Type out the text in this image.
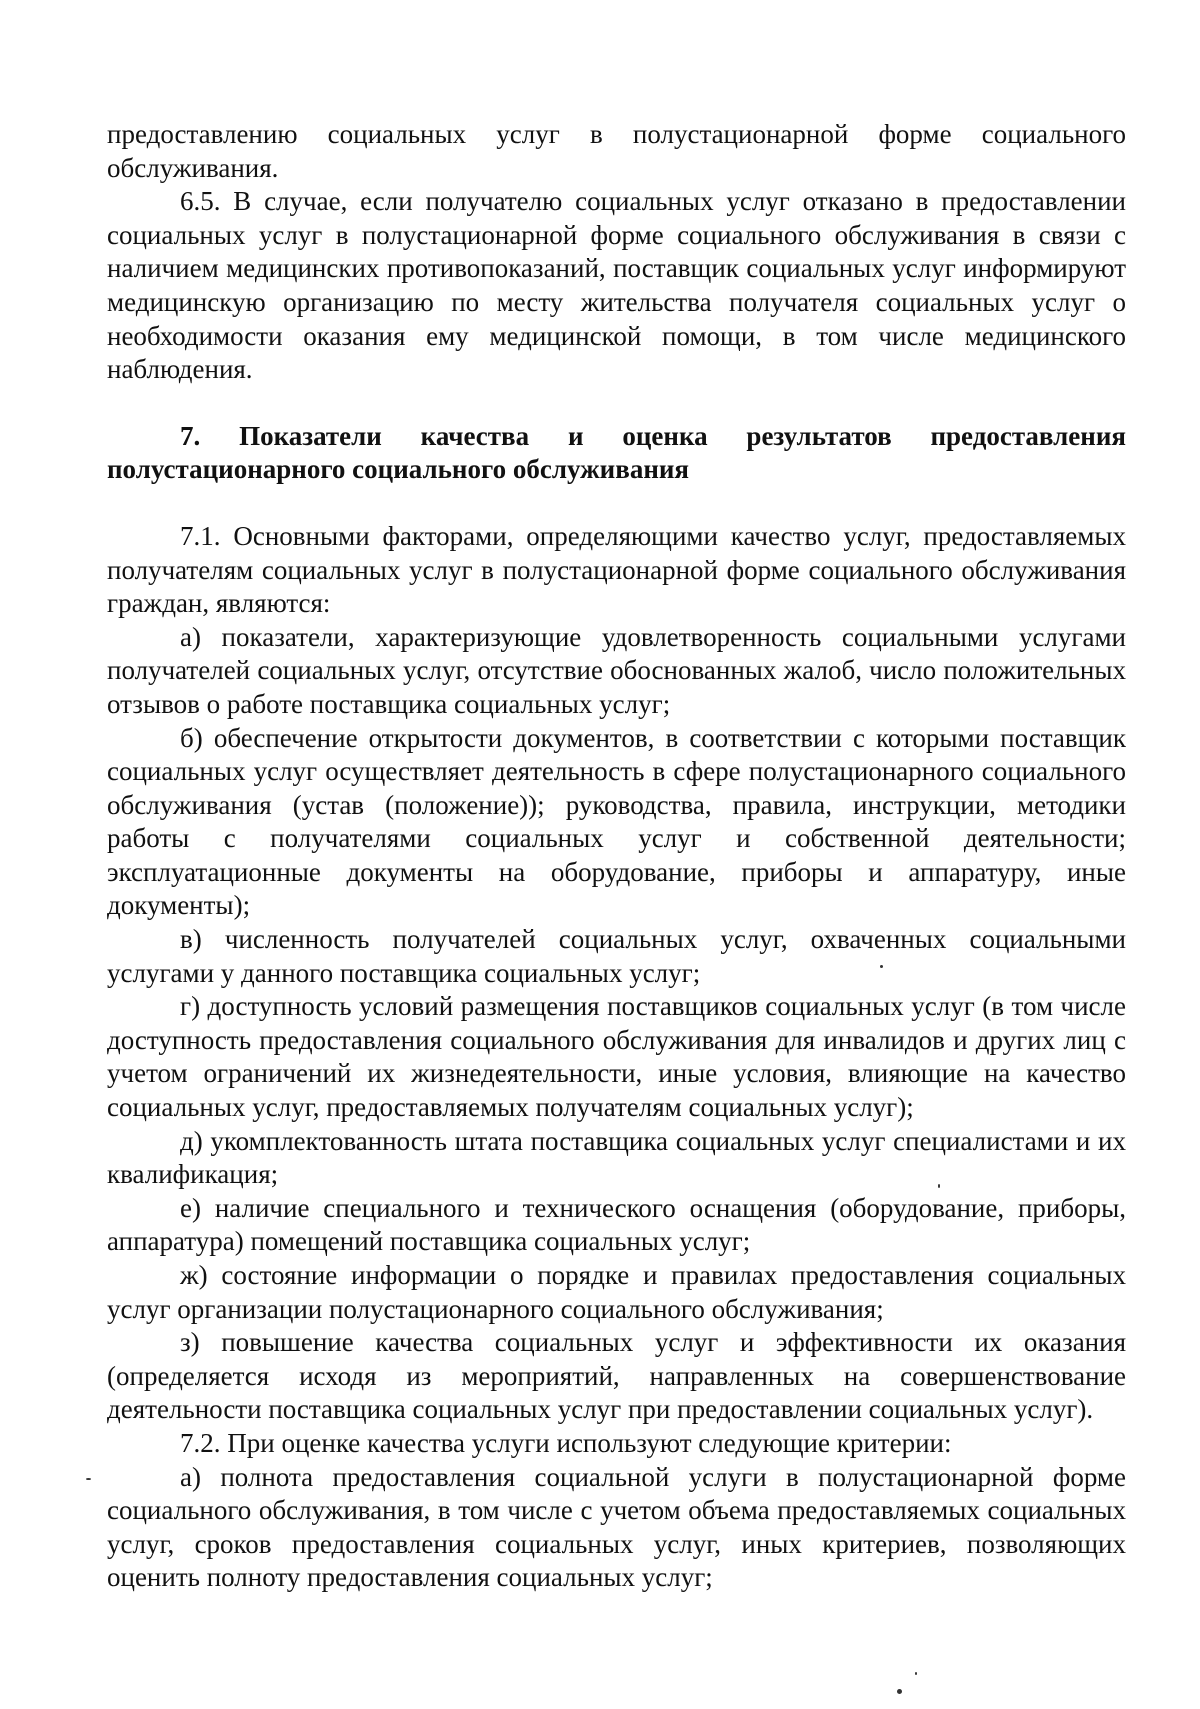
предоставлению социальных услуг в полустационарной форме социального обслуживания.

6.5. В случае, если получателю социальных услуг отказано в предоставлении социальных услуг в полустационарной форме социального обслуживания в связи с наличием медицинских противопоказаний, поставщик социальных услуг информируют медицинскую организацию по месту жительства получателя социальных услуг о необходимости оказания ему медицинской помощи, в том числе медицинского наблюдения.

7. Показатели качества и оценка результатов предоставления полустационарного социального обслуживания

7.1. Основными факторами, определяющими качество услуг, предоставляемых получателям социальных услуг в полустационарной форме социального обслуживания граждан, являются:

а) показатели, характеризующие удовлетворенность социальными услугами получателей социальных услуг, отсутствие обоснованных жалоб, число положительных отзывов о работе поставщика социальных услуг;

б) обеспечение открытости документов, в соответствии с которыми поставщик социальных услуг осуществляет деятельность в сфере полустационарного социального обслуживания (устав (положение)); руководства, правила, инструкции, методики работы с получателями социальных услуг и собственной деятельности; эксплуатационные документы на оборудование, приборы и аппаратуру, иные документы);

в) численность получателей социальных услуг, охваченных социальными услугами у данного поставщика социальных услуг;

г) доступность условий размещения поставщиков социальных услуг (в том числе доступность предоставления социального обслуживания для инвалидов и других лиц с учетом ограничений их жизнедеятельности, иные условия, влияющие на качество социальных услуг, предоставляемых получателям социальных услуг);

д) укомплектованность штата поставщика социальных услуг специалистами и их квалификация;

е) наличие специального и технического оснащения (оборудование, приборы, аппаратура) помещений поставщика социальных услуг;

ж) состояние информации о порядке и правилах предоставления социальных услуг организации полустационарного социального обслуживания;

з) повышение качества социальных услуг и эффективности их оказания (определяется исходя из мероприятий, направленных на совершенствование деятельности поставщика социальных услуг при предоставлении социальных услуг).

7.2. При оценке качества услуги используют следующие критерии:

а) полнота предоставления социальной услуги в полустационарной форме социального обслуживания, в том числе с учетом объема предоставляемых социальных услуг, сроков предоставления социальных услуг, иных критериев, позволяющих оценить полноту предоставления социальных услуг;
